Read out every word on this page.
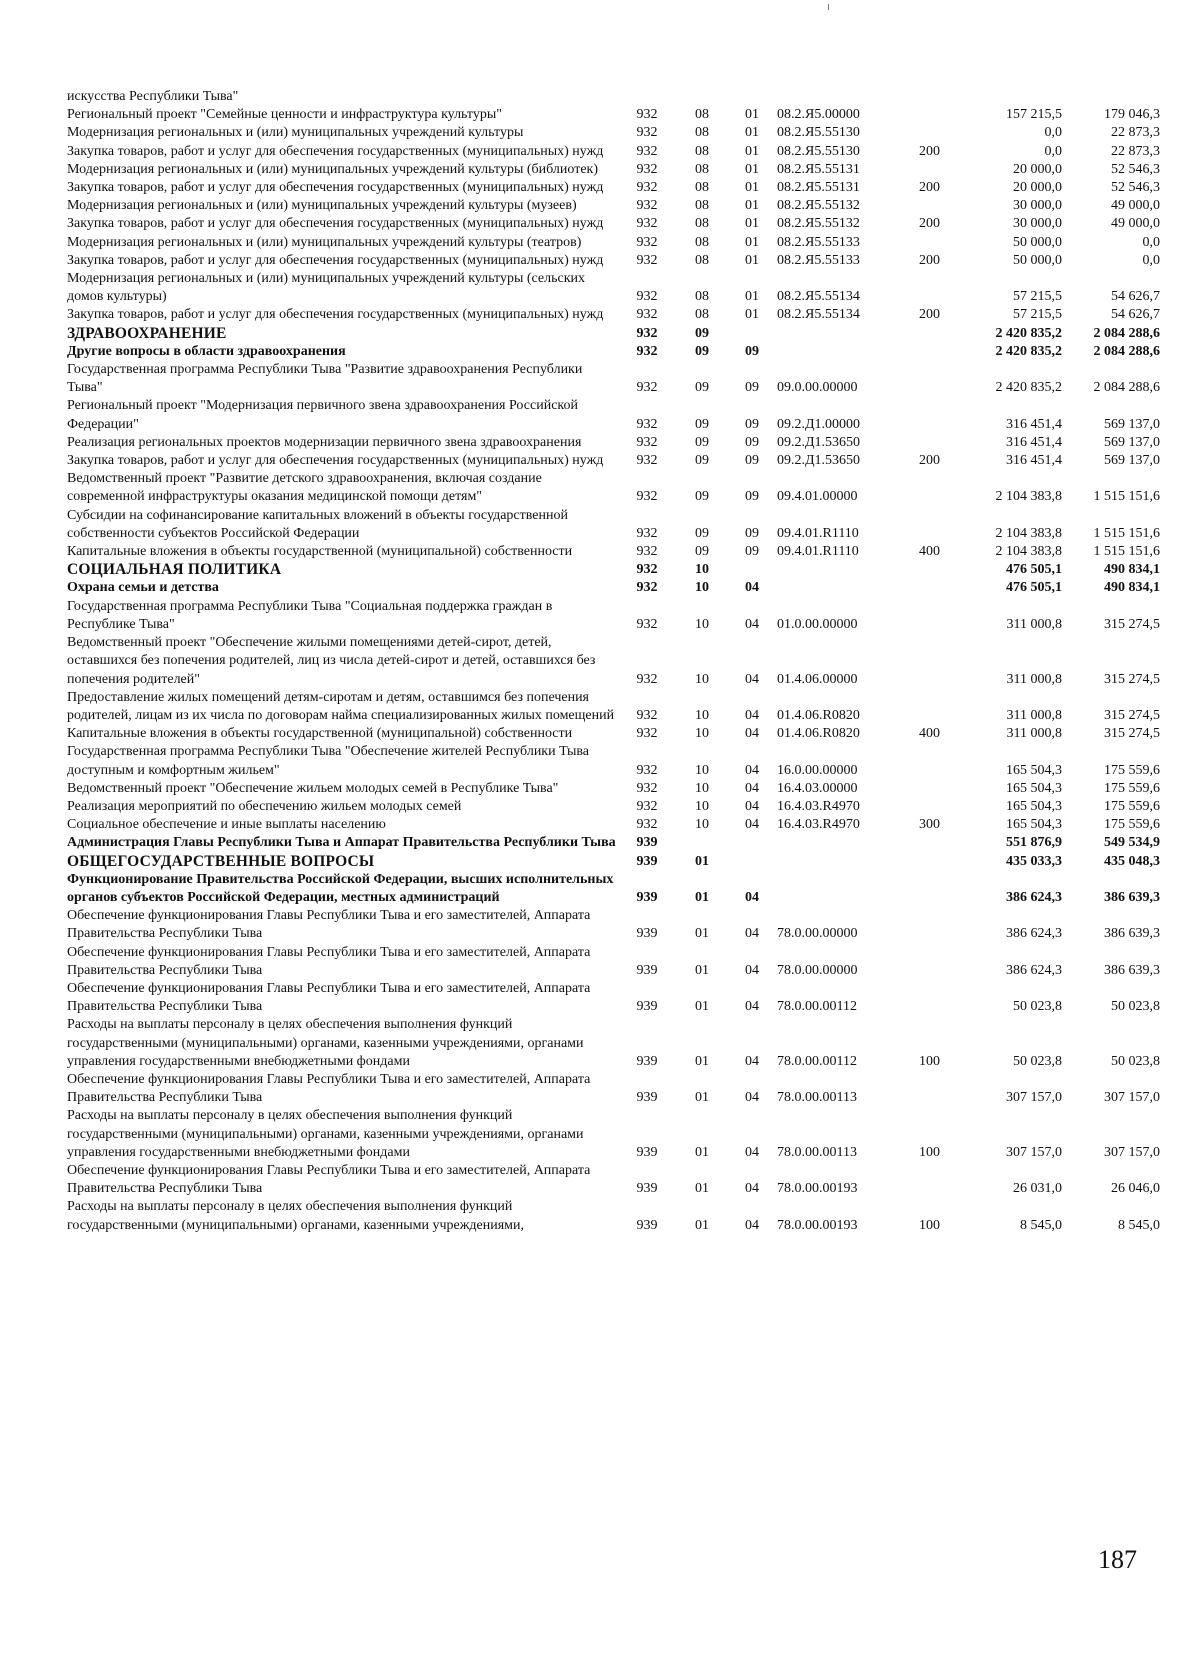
искусства Республики Тыва"							
Региональный проект "Семейные ценности и инфраструктура культуры"	932	08	01	08.2.Я5.00000		157 215,5	179 046,3
Модернизация региональных и (или) муниципальных учреждений культуры	932	08	01	08.2.Я5.55130		0,0	22 873,3
Закупка товаров, работ и услуг для обеспечения государственных (муниципальных) нужд	932	08	01	08.2.Я5.55130	200	0,0	22 873,3
Модернизация региональных и (или) муниципальных учреждений культуры (библиотек)	932	08	01	08.2.Я5.55131		20 000,0	52 546,3
Закупка товаров, работ и услуг для обеспечения государственных (муниципальных) нужд	932	08	01	08.2.Я5.55131	200	20 000,0	52 546,3
Модернизация региональных и (или) муниципальных учреждений культуры (музеев)	932	08	01	08.2.Я5.55132		30 000,0	49 000,0
Закупка товаров, работ и услуг для обеспечения государственных (муниципальных) нужд	932	08	01	08.2.Я5.55132	200	30 000,0	49 000,0
Модернизация региональных и (или) муниципальных учреждений культуры (театров)	932	08	01	08.2.Я5.55133		50 000,0	0,0
Закупка товаров, работ и услуг для обеспечения государственных (муниципальных) нужд	932	08	01	08.2.Я5.55133	200	50 000,0	0,0
Модернизация региональных и (или) муниципальных учреждений культуры (сельских домов культуры)	932	08	01	08.2.Я5.55134		57 215,5	54 626,7
Закупка товаров, работ и услуг для обеспечения государственных (муниципальных) нужд	932	08	01	08.2.Я5.55134	200	57 215,5	54 626,7
ЗДРАВООХРАНЕНИЕ	932	09				2 420 835,2	2 084 288,6
Другие вопросы в области здравоохранения	932	09	09			2 420 835,2	2 084 288,6
Государственная программа Республики Тыва "Развитие здравоохранения Республики Тыва"	932	09	09	09.0.00.00000		2 420 835,2	2 084 288,6
Региональный проект "Модернизация первичного звена здравоохранения Российской Федерации"	932	09	09	09.2.Д1.00000		316 451,4	569 137,0
Реализация региональных проектов модернизации первичного звена здравоохранения	932	09	09	09.2.Д1.53650		316 451,4	569 137,0
Закупка товаров, работ и услуг для обеспечения государственных (муниципальных) нужд	932	09	09	09.2.Д1.53650	200	316 451,4	569 137,0
Ведомственный проект "Развитие детского здравоохранения, включая создание современной инфраструктуры оказания медицинской помощи детям"	932	09	09	09.4.01.00000		2 104 383,8	1 515 151,6
Субсидии на софинансирование капитальных вложений в объекты государственной собственности субъектов Российской Федерации	932	09	09	09.4.01.R1110		2 104 383,8	1 515 151,6
Капитальные вложения в объекты государственной (муниципальной) собственности	932	09	09	09.4.01.R1110	400	2 104 383,8	1 515 151,6
СОЦИАЛЬНАЯ ПОЛИТИКА	932	10				476 505,1	490 834,1
Охрана семьи и детства	932	10	04			476 505,1	490 834,1
Государственная программа Республики Тыва "Социальная поддержка граждан в Республике Тыва"	932	10	04	01.0.00.00000		311 000,8	315 274,5
Ведомственный проект "Обеспечение жилыми помещениями детей-сирот, детей, оставшихся без попечения родителей, лиц из числа детей-сирот и детей, оставшихся без попечения родителей"	932	10	04	01.4.06.00000		311 000,8	315 274,5
Предоставление жилых помещений детям-сиротам и детям, оставшимся без попечения родителей, лицам из их числа по договорам найма специализированных жилых помещений	932	10	04	01.4.06.R0820		311 000,8	315 274,5
Капитальные вложения в объекты государственной (муниципальной) собственности	932	10	04	01.4.06.R0820	400	311 000,8	315 274,5
Государственная программа Республики Тыва "Обеспечение жителей Республики Тыва доступным и комфортным жильем"	932	10	04	16.0.00.00000		165 504,3	175 559,6
Ведомственный проект "Обеспечение жильем молодых семей в Республике Тыва"	932	10	04	16.4.03.00000		165 504,3	175 559,6
Реализация мероприятий по обеспечению жильем молодых семей	932	10	04	16.4.03.R4970		165 504,3	175 559,6
Социальное обеспечение и иные выплаты населению	932	10	04	16.4.03.R4970	300	165 504,3	175 559,6
Администрация Главы Республики Тыва и Аппарат Правительства Республики Тыва	939					551 876,9	549 534,9
ОБЩЕГОСУДАРСТВЕННЫЕ ВОПРОСЫ	939	01				435 033,3	435 048,3
Функционирование Правительства Российской Федерации, высших исполнительных органов субъектов Российской Федерации, местных администраций	939	01	04			386 624,3	386 639,3
Обеспечение функционирования Главы Республики Тыва и его заместителей, Аппарата Правительства Республики Тыва	939	01	04	78.0.00.00000		386 624,3	386 639,3
Обеспечение функционирования Главы Республики Тыва и его заместителей, Аппарата Правительства Республики Тыва	939	01	04	78.0.00.00000		386 624,3	386 639,3
Обеспечение функционирования Главы Республики Тыва и его заместителей, Аппарата Правительства Республики Тыва	939	01	04	78.0.00.00112		50 023,8	50 023,8
Расходы на выплаты персоналу в целях обеспечения выполнения функций государственными (муниципальными) органами, казенными учреждениями, органами управления государственными внебюджетными фондами	939	01	04	78.0.00.00112	100	50 023,8	50 023,8
Обеспечение функционирования Главы Республики Тыва и его заместителей, Аппарата Правительства Республики Тыва	939	01	04	78.0.00.00113		307 157,0	307 157,0
Расходы на выплаты персоналу в целях обеспечения выполнения функций государственными (муниципальными) органами, казенными учреждениями, органами управления государственными внебюджетными фондами	939	01	04	78.0.00.00113	100	307 157,0	307 157,0
Обеспечение функционирования Главы Республики Тыва и его заместителей, Аппарата Правительства Республики Тыва	939	01	04	78.0.00.00193		26 031,0	26 046,0
Расходы на выплаты персоналу в целях обеспечения выполнения функций государственными (муниципальными) органами, казенными учреждениями,	939	01	04	78.0.00.00193	100	8 545,0	8 545,0
187
